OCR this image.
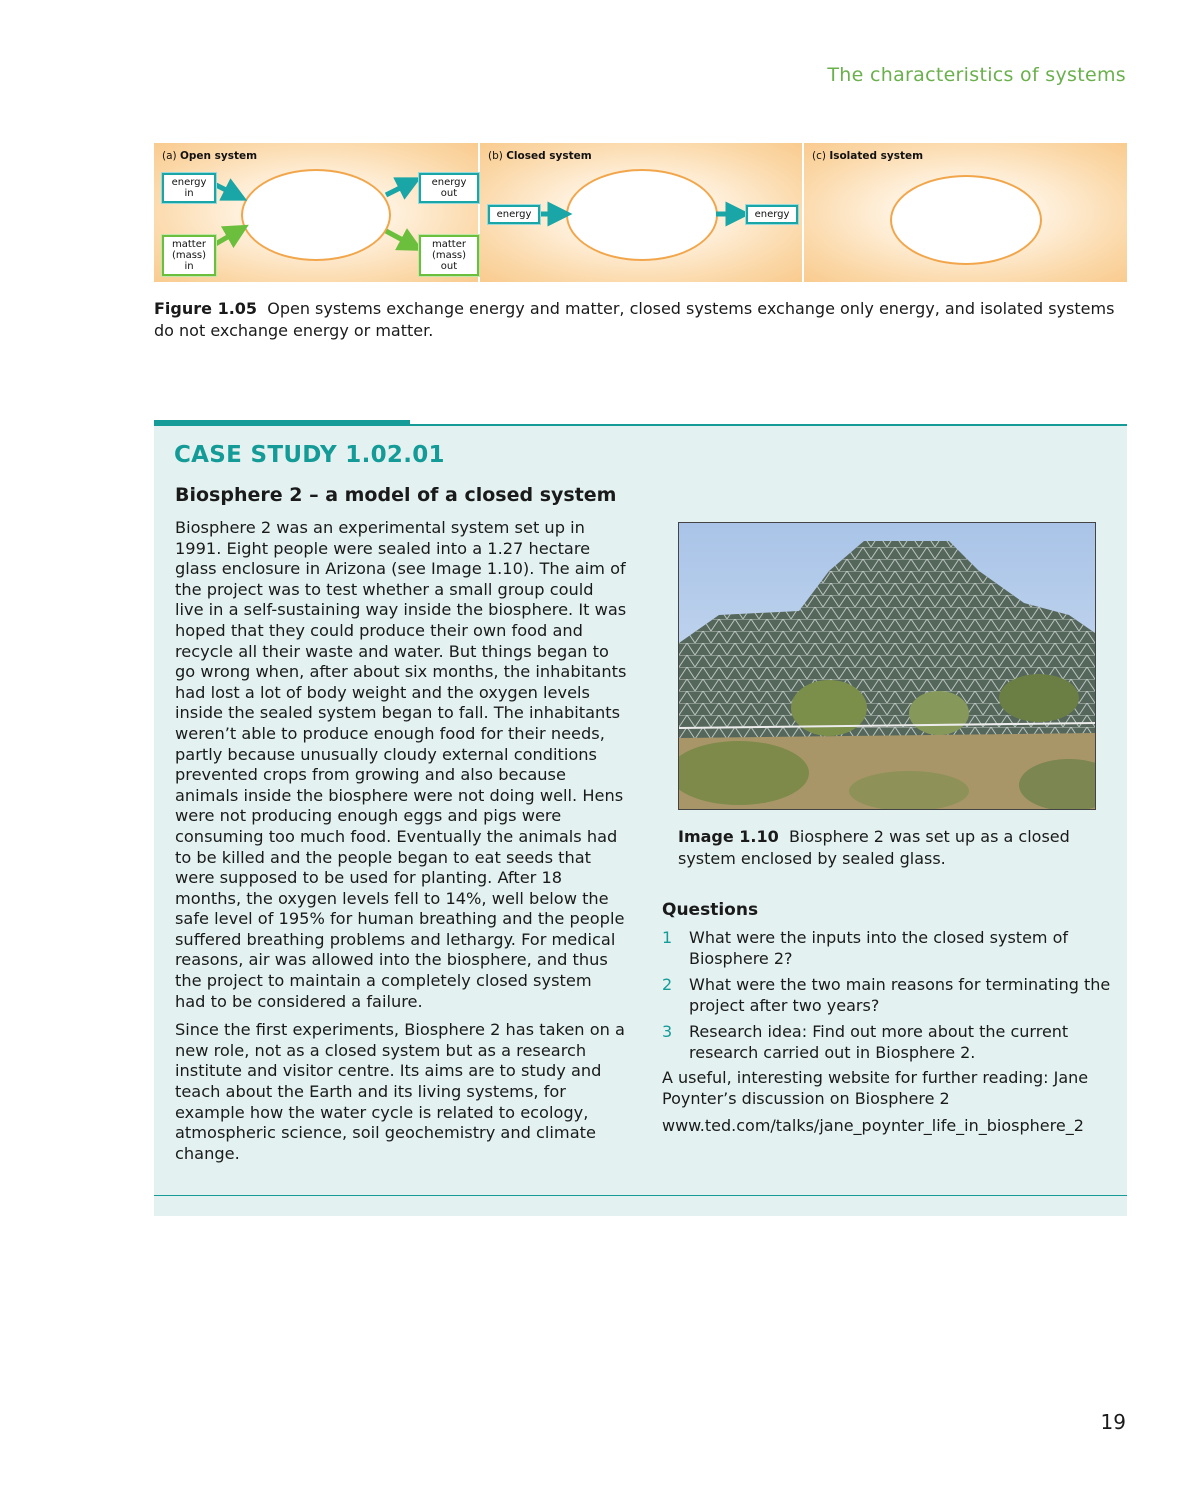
The characteristics of systems
(a) Open system
energy in
energy out
matter
(mass) in
matter
(mass) out
(b) Closed system
energy	energy
(c) Isolated system
Figure 1.05 Open systems exchange energy and matter, closed systems exchange only energy, and isolated systems do not exchange energy or matter.
CASE STUDY 1.02.01
Biosphere 2 – a model of a closed system

Biosphere 2 was an experimental system set up in 1991. Eight people were sealed into a 1.27 hectare glass enclosure in Arizona (see Image 1.10). The aim of the project was to test whether a small group could live in a self-sustaining way inside the biosphere. It was hoped that they could produce their own food and recycle all their waste and water. But things began to go wrong when, after about six months, the inhabitants had lost a lot of body weight and the oxygen levels inside the sealed system began to fall. The inhabitants weren’t able to produce enough food for their needs, partly because unusually cloudy external conditions prevented crops from growing and also because animals inside the biosphere were not doing well. Hens were not producing enough eggs and pigs were consuming too much food. Eventually the animals had to be killed and the people began to eat seeds that were supposed to be used for planting. After 18 months, the oxygen levels fell to 14%, well below the safe level of 195% for human breathing and the people suffered breathing problems and lethargy. For medical reasons, air was allowed into the biosphere, and thus the project to maintain a completely closed system had to be considered a failure.

Since the first experiments, Biosphere 2 has taken on a new role, not as a closed system but as a research institute and visitor centre. Its aims are to study and teach about the Earth and its living systems, for example how the water cycle is related to ecology, atmospheric science, soil geochemistry and climate change.

Image 1.10 Biosphere 2 was set up as a closed system enclosed by sealed glass.
Questions
1 What were the inputs into the closed system of Biosphere 2?
2 What were the two main reasons for terminating the project after two years?
3 Research idea: Find out more about the current research carried out in Biosphere 2.

A useful, interesting website for further reading: Jane Poynter’s discussion on Biosphere 2

www.ted.com/talks/jane_poynter_life_in_biosphere_2

19
